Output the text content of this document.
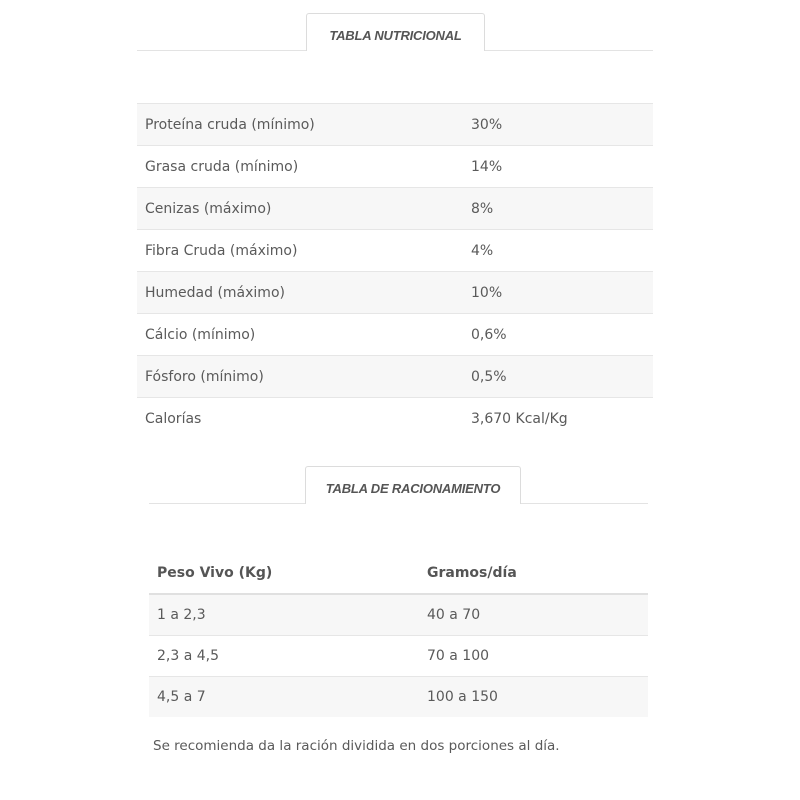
TABLA NUTRICIONAL
Proteína cruda (mínimo)	30%
Grasa cruda (mínimo)	14%
Cenizas (máximo)	8%
Fibra Cruda (máximo)	4%
Humedad (máximo)	10%
Cálcio (mínimo)	0,6%
Fósforo (mínimo)	0,5%
Calorías	3,670 Kcal/Kg
TABLA DE RACIONAMIENTO
Peso Vivo (Kg)	Gramos/día
1 a 2,3	40 a 70
2,3 a 4,5	70 a 100
4,5 a 7	100 a 150
Se recomienda da la ración dividida en dos porciones al día.
